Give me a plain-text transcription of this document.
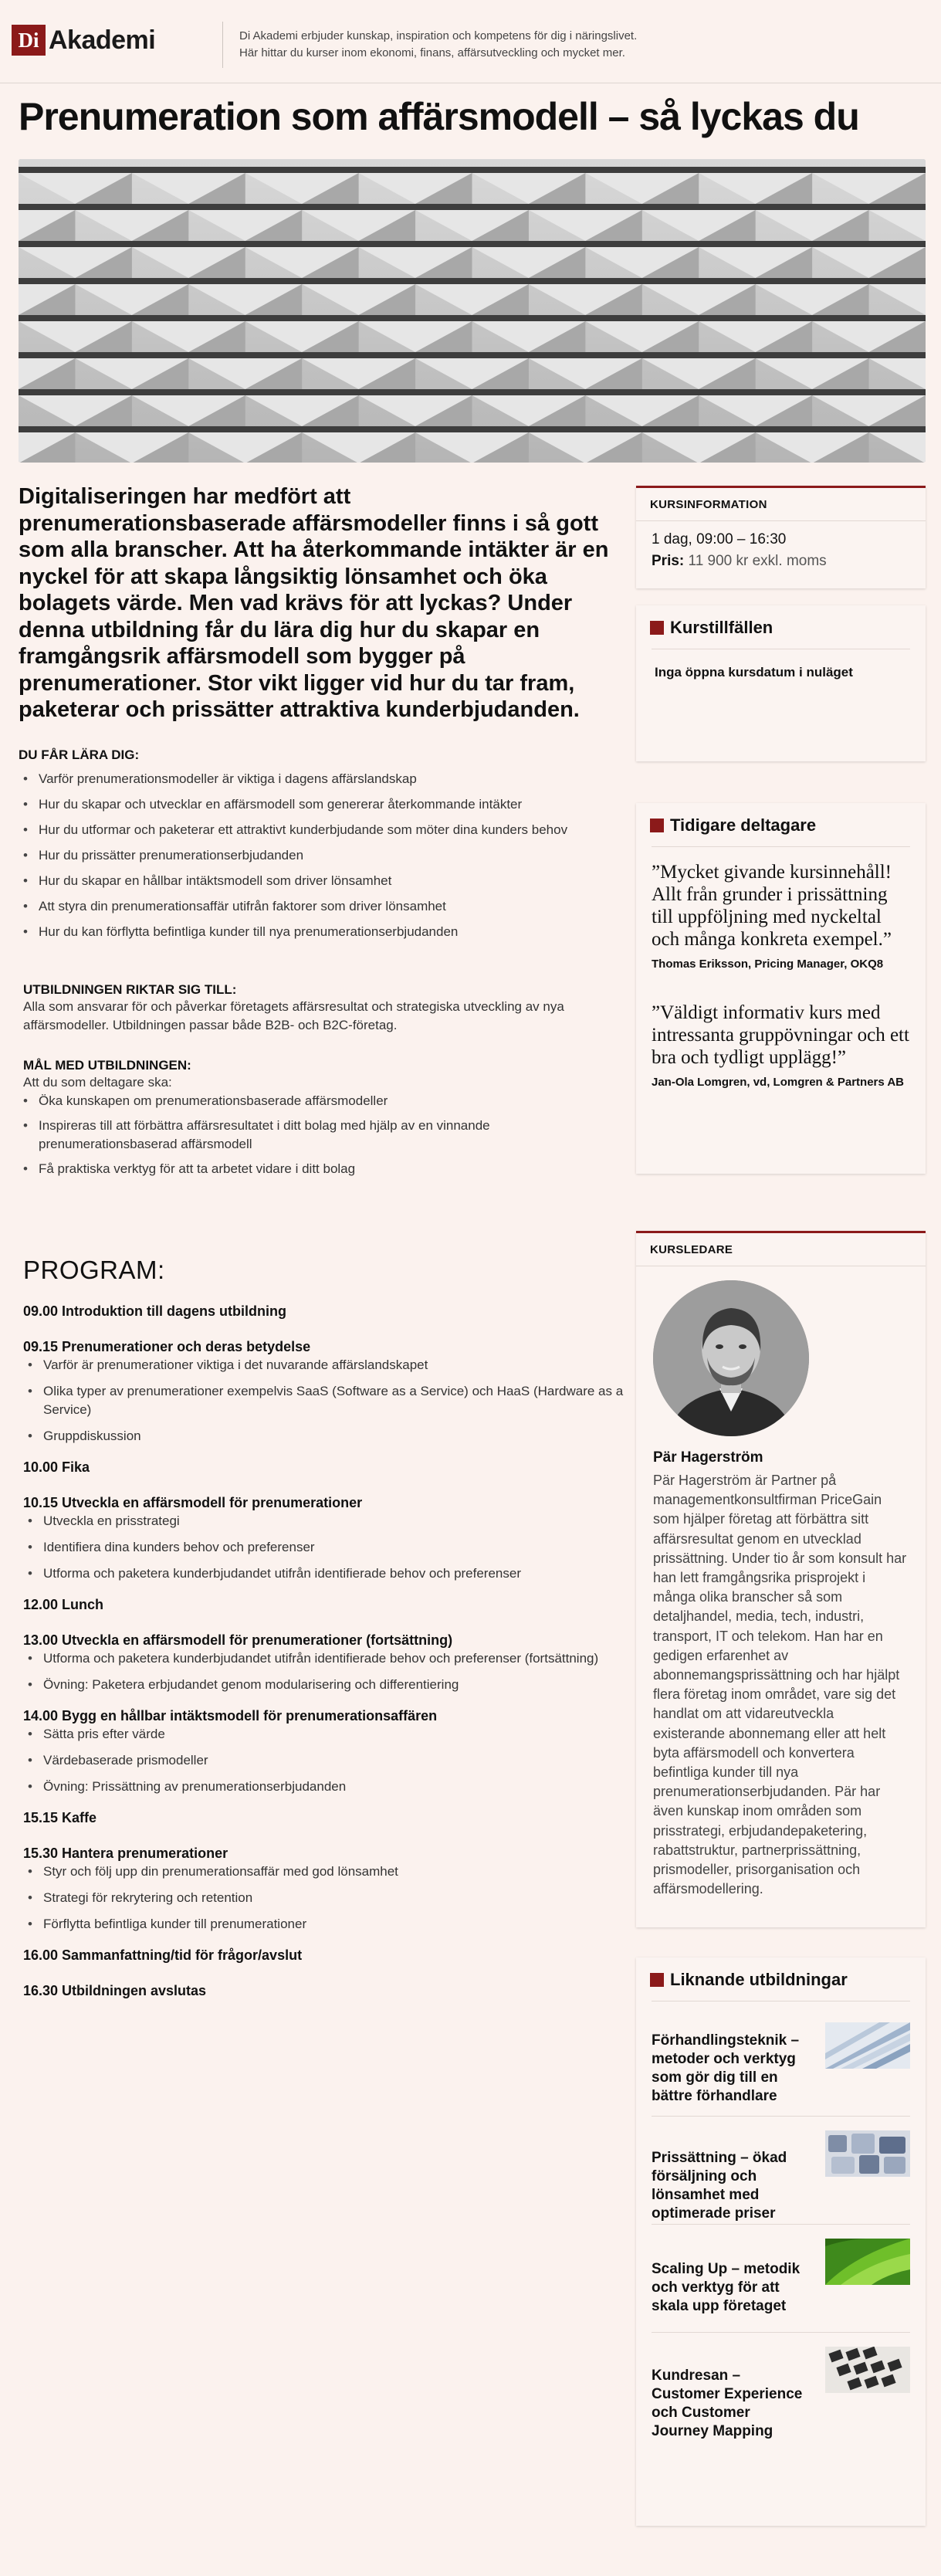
Di Akademi	Di Akademi erbjuder kunskap, inspiration och kompetens för dig i näringslivet.
Här hittar du kurser inom ekonomi, finans, affärsutveckling och mycket mer.
Prenumeration som affärsmodell – så lyckas du
Digitaliseringen har medfört att prenumerationsbaserade affärsmodeller finns i så gott som alla branscher. Att ha återkommande intäkter är en nyckel för att skapa långsiktig lönsamhet och öka bolagets värde. Men vad krävs för att lyckas? Under denna utbildning får du lära dig hur du skapar en framgångsrik affärsmodell som bygger på prenumerationer. Stor vikt ligger vid hur du tar fram, paketerar och prissätter attraktiva kunderbjudanden.
DU FÅR LÄRA DIG:
• Varför prenumerationsmodeller är viktiga i dagens affärslandskap
• Hur du skapar och utvecklar en affärsmodell som genererar återkommande intäkter
• Hur du utformar och paketerar ett attraktivt kunderbjudande som möter dina kunders behov
• Hur du prissätter prenumerationserbjudanden
• Hur du skapar en hållbar intäktsmodell som driver lönsamhet
• Att styra din prenumerationsaffär utifrån faktorer som driver lönsamhet
• Hur du kan förflytta befintliga kunder till nya prenumerationserbjudanden
UTBILDNINGEN RIKTAR SIG TILL:
Alla som ansvarar för och påverkar företagets affärsresultat och strategiska utveckling av nya affärsmodeller. Utbildningen passar både B2B- och B2C-företag.
MÅL MED UTBILDNINGEN:
Att du som deltagare ska:
• Öka kunskapen om prenumerationsbaserade affärsmodeller
• Inspireras till att förbättra affärsresultatet i ditt bolag med hjälp av en vinnande prenumerationsbaserad affärsmodell
• Få praktiska verktyg för att ta arbetet vidare i ditt bolag
PROGRAM:
09.00 Introduktion till dagens utbildning
09.15 Prenumerationer och deras betydelse
• Varför är prenumerationer viktiga i det nuvarande affärslandskapet
• Olika typer av prenumerationer exempelvis SaaS (Software as a Service) och HaaS (Hardware as a Service)
• Gruppdiskussion
10.00 Fika
10.15 Utveckla en affärsmodell för prenumerationer
• Utveckla en prisstrategi
• Identifiera dina kunders behov och preferenser
• Utforma och paketera kunderbjudandet utifrån identifierade behov och preferenser
12.00 Lunch
13.00 Utveckla en affärsmodell för prenumerationer (fortsättning)
• Utforma och paketera kunderbjudandet utifrån identifierade behov och preferenser (fortsättning)
• Övning: Paketera erbjudandet genom modularisering och differentiering
14.00 Bygg en hållbar intäktsmodell för prenumerationsaffären
• Sätta pris efter värde
• Värdebaserade prismodeller
• Övning: Prissättning av prenumerationserbjudanden
15.15 Kaffe
15.30 Hantera prenumerationer
• Styr och följ upp din prenumerationsaffär med god lönsamhet
• Strategi för rekrytering och retention
• Förflytta befintliga kunder till prenumerationer
16.00 Sammanfattning/tid för frågor/avslut
16.30 Utbildningen avslutas
KURSINFORMATION
1 dag, 09:00 – 16:30
Pris: 11 900 kr exkl. moms
Kurstillfällen
Inga öppna kursdatum i nuläget
Tidigare deltagare
”Mycket givande kursinnehåll! Allt från grunder i prissättning till uppföljning med nyckeltal och många konkreta exempel.”
Thomas Eriksson, Pricing Manager, OKQ8
”Väldigt informativ kurs med intressanta gruppövningar och ett bra och tydligt upplägg!”
Jan-Ola Lomgren, vd, Lomgren & Partners AB
KURSLEDARE
Pär Hagerström
Pär Hagerström är Partner på managementkonsultfirman PriceGain som hjälper företag att förbättra sitt affärsresultat genom en utvecklad prissättning. Under tio år som konsult har han lett framgångsrika prisprojekt i många olika branscher så som detaljhandel, media, tech, industri, transport, IT och telekom. Han har en gedigen erfarenhet av abonnemangsprissättning och har hjälpt flera företag inom området, vare sig det handlat om att vidareutveckla existerande abonnemang eller att helt byta affärsmodell och konvertera befintliga kunder till nya prenumerationserbjudanden. Pär har även kunskap inom områden som prisstrategi, erbjudandepaketering, rabattstruktur, partnerprissättning, prismodeller, prisorganisation och affärsmodellering.
Liknande utbildningar
Förhandlingsteknik – metoder och verktyg som gör dig till en bättre förhandlare
Prissättning – ökad försäljning och lönsamhet med optimerade priser
Scaling Up – metodik och verktyg för att skala upp företaget
Kundresan – Customer Experience och Customer Journey Mapping
